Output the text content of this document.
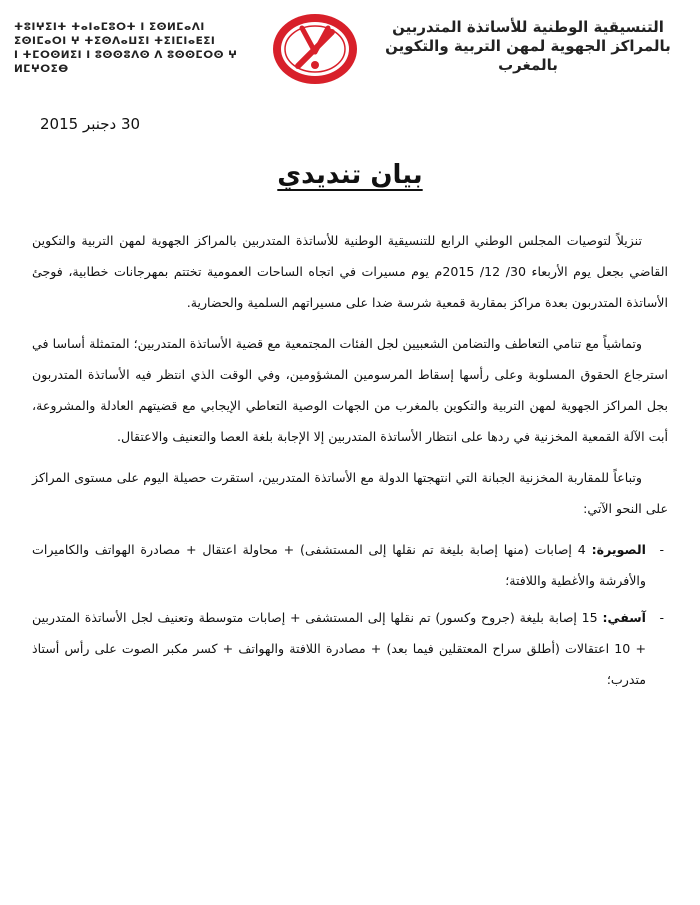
التنسيقية الوطنية للأساتذة المتدربين
بالمراكز الجهوية لمهن التربية والتكوين
بالمغرب
ⵜⵓⵏⵖⵉⵏⵜ ⵜⴰⵏⴰⵎⵓⵔⵜ ⵏ ⵉⵙⵍⵎⴰⴷⵏ
ⵉⵙⵏⵎⴰⵔⵏ ⵖ ⵜⵉⵙⴷⴰⵡⵉⵏ ⵜⵉⵏⵎⵏⴰⴹⵉⵏ
ⵏ ⵜⵎⵔⵙⵍⵉⵏ ⵏ ⵓⵙⵙⵓⴷⵙ ⴷ ⵓⵙⵙⵎⵔⵙ ⵖ
ⵍⵎⵖⵔⵉⴱ
30 دجنبر 2015
بيان تنديدي

تنزيلاً لتوصيات المجلس الوطني الرابع للتنسيقية الوطنية للأساتذة المتدربين بالمراكز الجهوية لمهن التربية والتكوين القاضي بجعل يوم الأربعاء 30/ 12/ 2015م يوم مسيرات في اتجاه الساحات العمومية تختتم بمهرجانات خطابية، فوجئ الأساتذة المتدربون بعدة مراكز بمقاربة قمعية شرسة ضدا على مسيراتهم السلمية والحضارية.

وتماشياً مع تنامي التعاطف والتضامن الشعبيين لجل الفئات المجتمعية مع قضية الأساتذة المتدربين؛ المتمثلة أساسا في استرجاع الحقوق المسلوبة وعلى رأسها إسقاط المرسومين المشؤومين، وفي الوقت الذي انتظر فيه الأساتذة المتدربون بجل المراكز الجهوية لمهن التربية والتكوين بالمغرب من الجهات الوصية التعاطي الإيجابي مع قضيتهم العادلة والمشروعة، أبت الآلة القمعية المخزنية في ردها على انتظار الأساتذة المتدربين إلا الإجابة بلغة العصا والتعنيف والاعتقال.

وتباعاً للمقاربة المخزنية الجبانة التي انتهجتها الدولة مع الأساتذة المتدربين، استقرت حصيلة اليوم على مستوى المراكز على النحو الآتي:

- الصويرة: 4 إصابات (منها إصابة بليغة تم نقلها إلى المستشفى) + محاولة اعتقال + مصادرة الهواتف والكاميرات والأفرشة والأغطية واللافتة؛
- آسفي: 15 إصابة بليغة (جروح وكسور) تم نقلها إلى المستشفى + إصابات متوسطة وتعنيف لجل الأساتذة المتدربين + 10 اعتقالات (أطلق سراح المعتقلين فيما بعد) + مصادرة اللافتة والهواتف + كسر مكبر الصوت على رأس أستاذ متدرب؛
